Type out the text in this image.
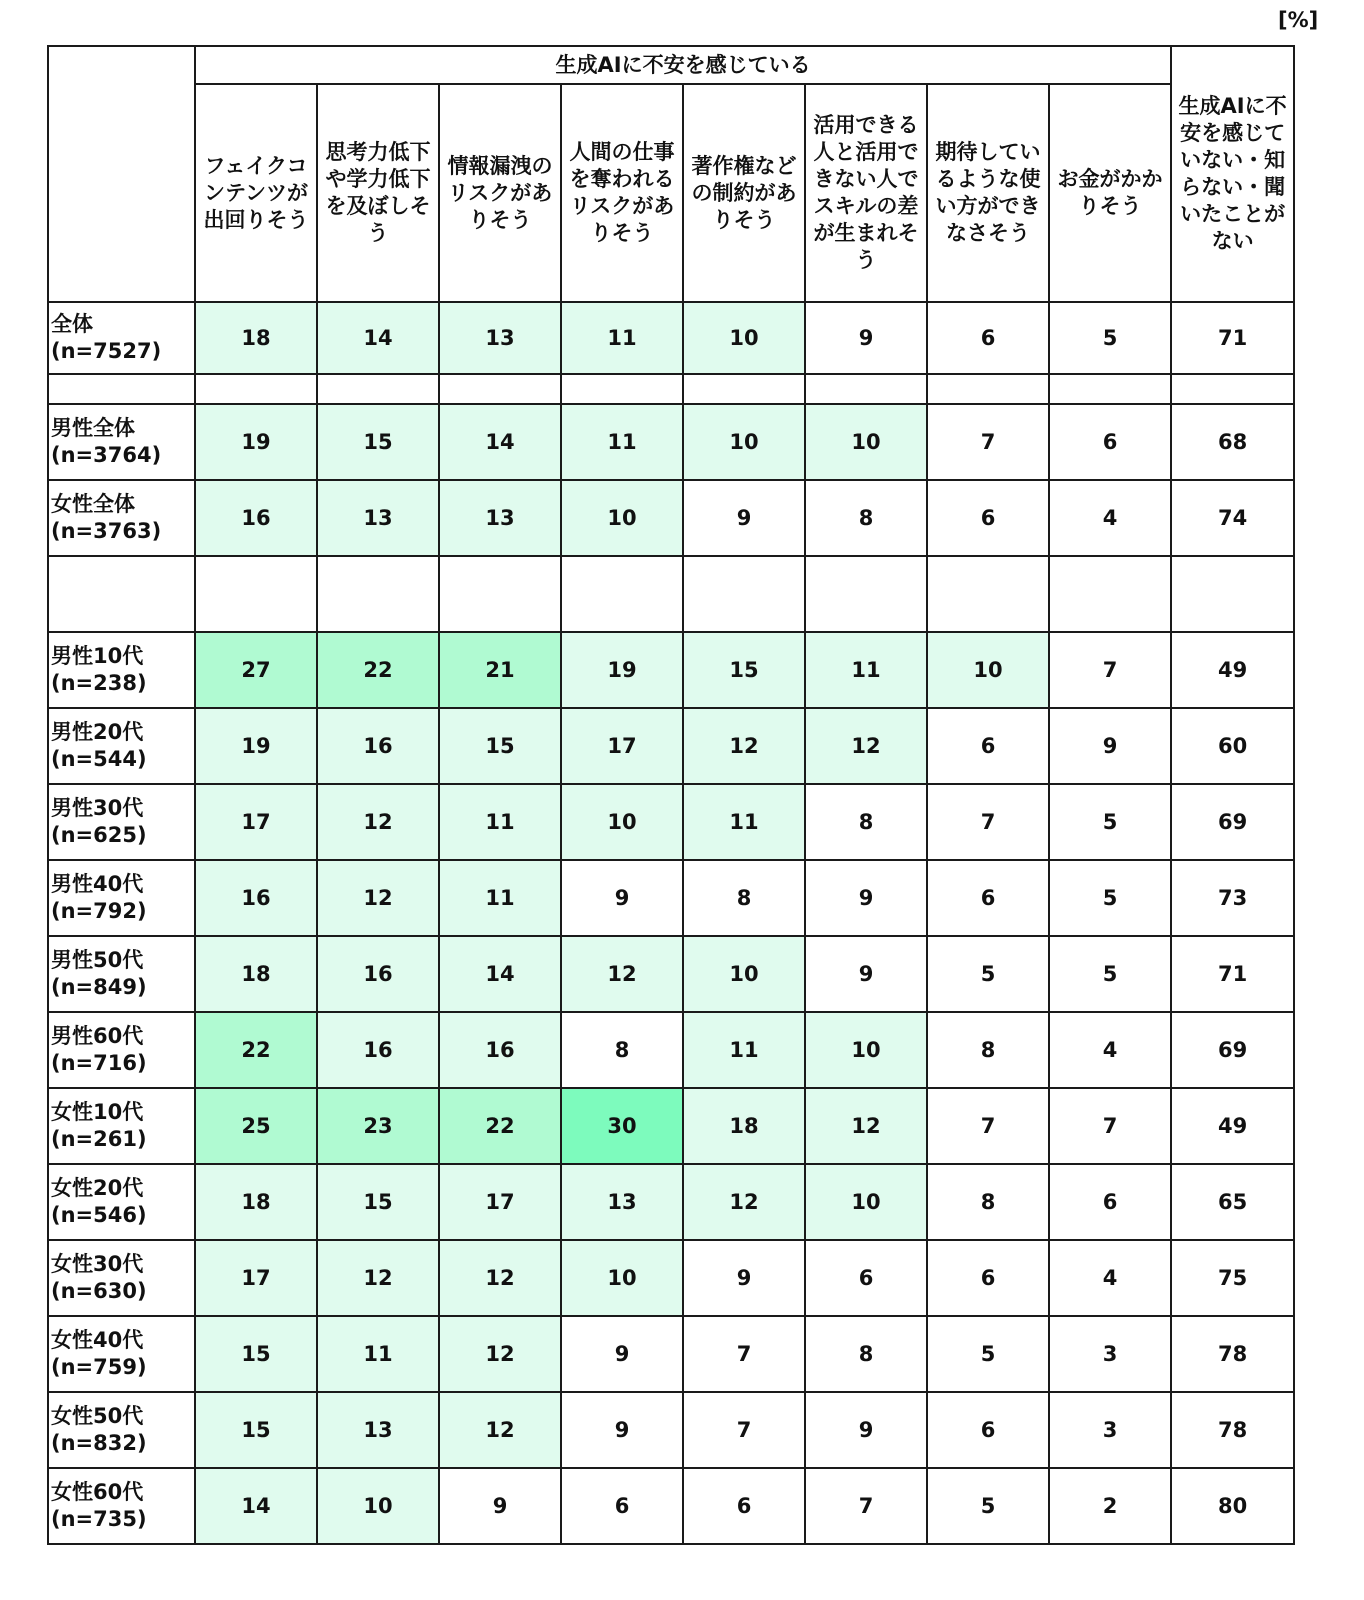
[%]
	生成AIに不安を感じている								生成AIに不安を感じていない・知らない・聞いたことがない
	フェイクコンテンツが出回りそう	思考力低下や学力低下を及ぼしそう	情報漏洩のリスクがありそう	人間の仕事を奪われるリスクがありそう	著作権などの制約がありそう	活用できる人と活用できない人でスキルの差が生まれそう	期待しているような使い方ができなさそう	お金がかかりそう	

全体
(n=7527)	18	14	13	11	10	9	6	5	71

男性全体
(n=3764)	19	15	14	11	10	10	7	6	68

女性全体
(n=3763)	16	13	13	10	9	8	6	4	74

男性10代
(n=238)	27	22	21	19	15	11	10	7	49

男性20代
(n=544)	19	16	15	17	12	12	6	9	60

男性30代
(n=625)	17	12	11	10	11	8	7	5	69

男性40代
(n=792)	16	12	11	9	8	9	6	5	73

男性50代
(n=849)	18	16	14	12	10	9	5	5	71

男性60代
(n=716)	22	16	16	8	11	10	8	4	69

女性10代
(n=261)	25	23	22	30	18	12	7	7	49

女性20代
(n=546)	18	15	17	13	12	10	8	6	65

女性30代
(n=630)	17	12	12	10	9	6	6	4	75

女性40代
(n=759)	15	11	12	9	7	8	5	3	78

女性50代
(n=832)	15	13	12	9	7	9	6	3	78

女性60代
(n=735)	14	10	9	6	6	7	5	2	80
